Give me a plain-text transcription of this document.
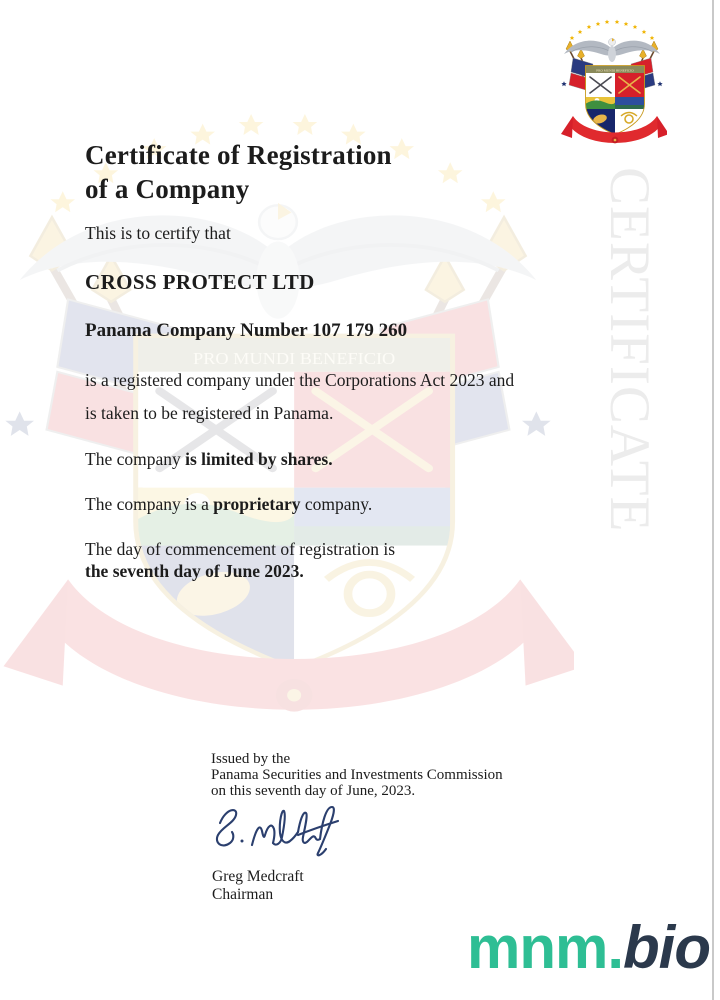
CERTIFICATE
Certificate of Registration
of a Company
This is to certify that
CROSS PROTECT LTD
Panama Company Number 107 179 260
is a registered company under the Corporations Act 2023 and
is taken to be registered in Panama.
The company is limited by shares.
The company is a proprietary company.
The day of commencement of registration is
the seventh day of June 2023.
Issued by the
Panama Securities and Investments Commission
on this seventh day of June, 2023.
Greg Medcraft
Chairman
mnm.bio
